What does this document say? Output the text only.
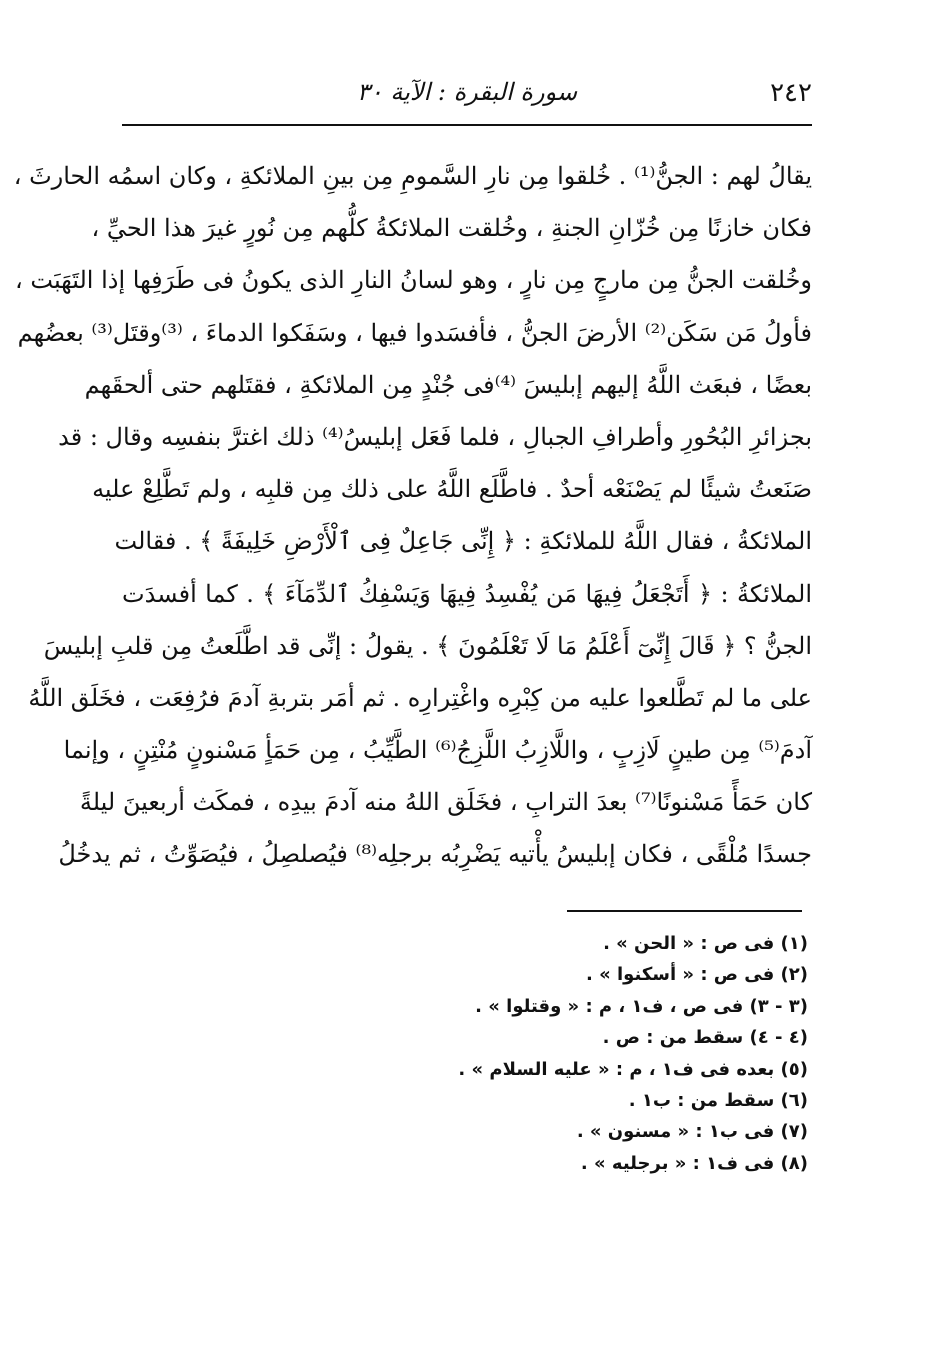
٢٤٢
سورة البقرة : الآية ٣٠
يقالُ لهم : الجنُّ⁽¹⁾ . خُلقوا مِن نارِ السَّمومِ مِن بينِ الملائكةِ ، وكان اسمُه الحارثَ ،
فكان خازنًا مِن خُزّانِ الجنةِ ، وخُلقت الملائكةُ كلُّهم مِن نُورٍ غيرَ هذا الحيِّ ،
وخُلقت الجنُّ مِن مارجٍ مِن نارٍ ، وهو لسانُ النارِ الذى يكونُ فى طَرَفِها إذا التَهَبَت ،
فأولُ مَن سَكَن⁽²⁾ الأرضَ الجنُّ ، فأفسَدوا فيها ، وسَفَكوا الدماءَ ، ⁽³⁾وقتَل⁽³⁾ بعضُهم
بعضًا ، فبعَث اللَّهُ إليهم إبليسَ ⁽⁴⁾فى جُنْدٍ مِن الملائكةِ ، فقتَلهم حتى ألحقَهم
بجزائرِ البُحُورِ وأطرافِ الجبالِ ، فلما فَعَل إبليسُ⁽⁴⁾ ذلك اغترَّ بنفسِه وقال : قد
صَنَعتُ شيئًا لم يَصْنَعْه أحدٌ . فاطَّلَع اللَّهُ على ذلك مِن قلبِه ، ولم تَطَّلِعْ عليه
الملائكةُ ، فقال اللَّهُ للملائكةِ : ﴿ إِنِّى جَاعِلٌ فِى ٱلْأَرْضِ خَلِيفَةً ﴾ . فقالت
الملائكةُ : ﴿ أَتَجْعَلُ فِيهَا مَن يُفْسِدُ فِيهَا وَيَسْفِكُ ٱلدِّمَآءَ ﴾ . كما أفسدَت
الجنُّ ؟ ﴿ قَالَ إِنِّىٓ أَعْلَمُ مَا لَا تَعْلَمُونَ ﴾ . يقولُ : إنِّى قد اطَّلَعتُ مِن قلبِ إبليسَ
على ما لم تَطَّلعوا عليه من كِبْرِه واغْتِرارِه . ثم أمَر بتربةِ آدمَ فرُفِعَت ، فخَلَق اللَّهُ
آدمَ⁽⁵⁾ مِن طينٍ لَازِبٍ ، واللَّازِبُ اللَّزِجُ⁽⁶⁾ الطَّيِّبُ ، مِن حَمَأٍ مَسْنونٍ مُنْتِنٍ ، وإنما
كان حَمَأً مَسْنونًا⁽⁷⁾ بعدَ الترابِ ، فخَلَق اللهُ منه آدمَ بيدِه ، فمكَث أربعينَ ليلةً
جسدًا مُلْقًى ، فكان إبليسُ يأْتيه يَضْرِبُه برجلِه⁽⁸⁾ فيُصلصِلُ ، فيُصَوِّتُ ، ثم يدخُلُ
(١) فى ص : « الحن » .
(٢) فى ص : « أسكنوا » .
(٣ - ٣) فى ص ، ف١ ، م : « وقتلوا » .
(٤ - ٤) سقط من : ص .
(٥) بعده فى ف١ ، م : « عليه السلام » .
(٦) سقط من : ب١ .
(٧) فى ب١ : « مسنون » .
(٨) فى ف١ : « برجليه » .
